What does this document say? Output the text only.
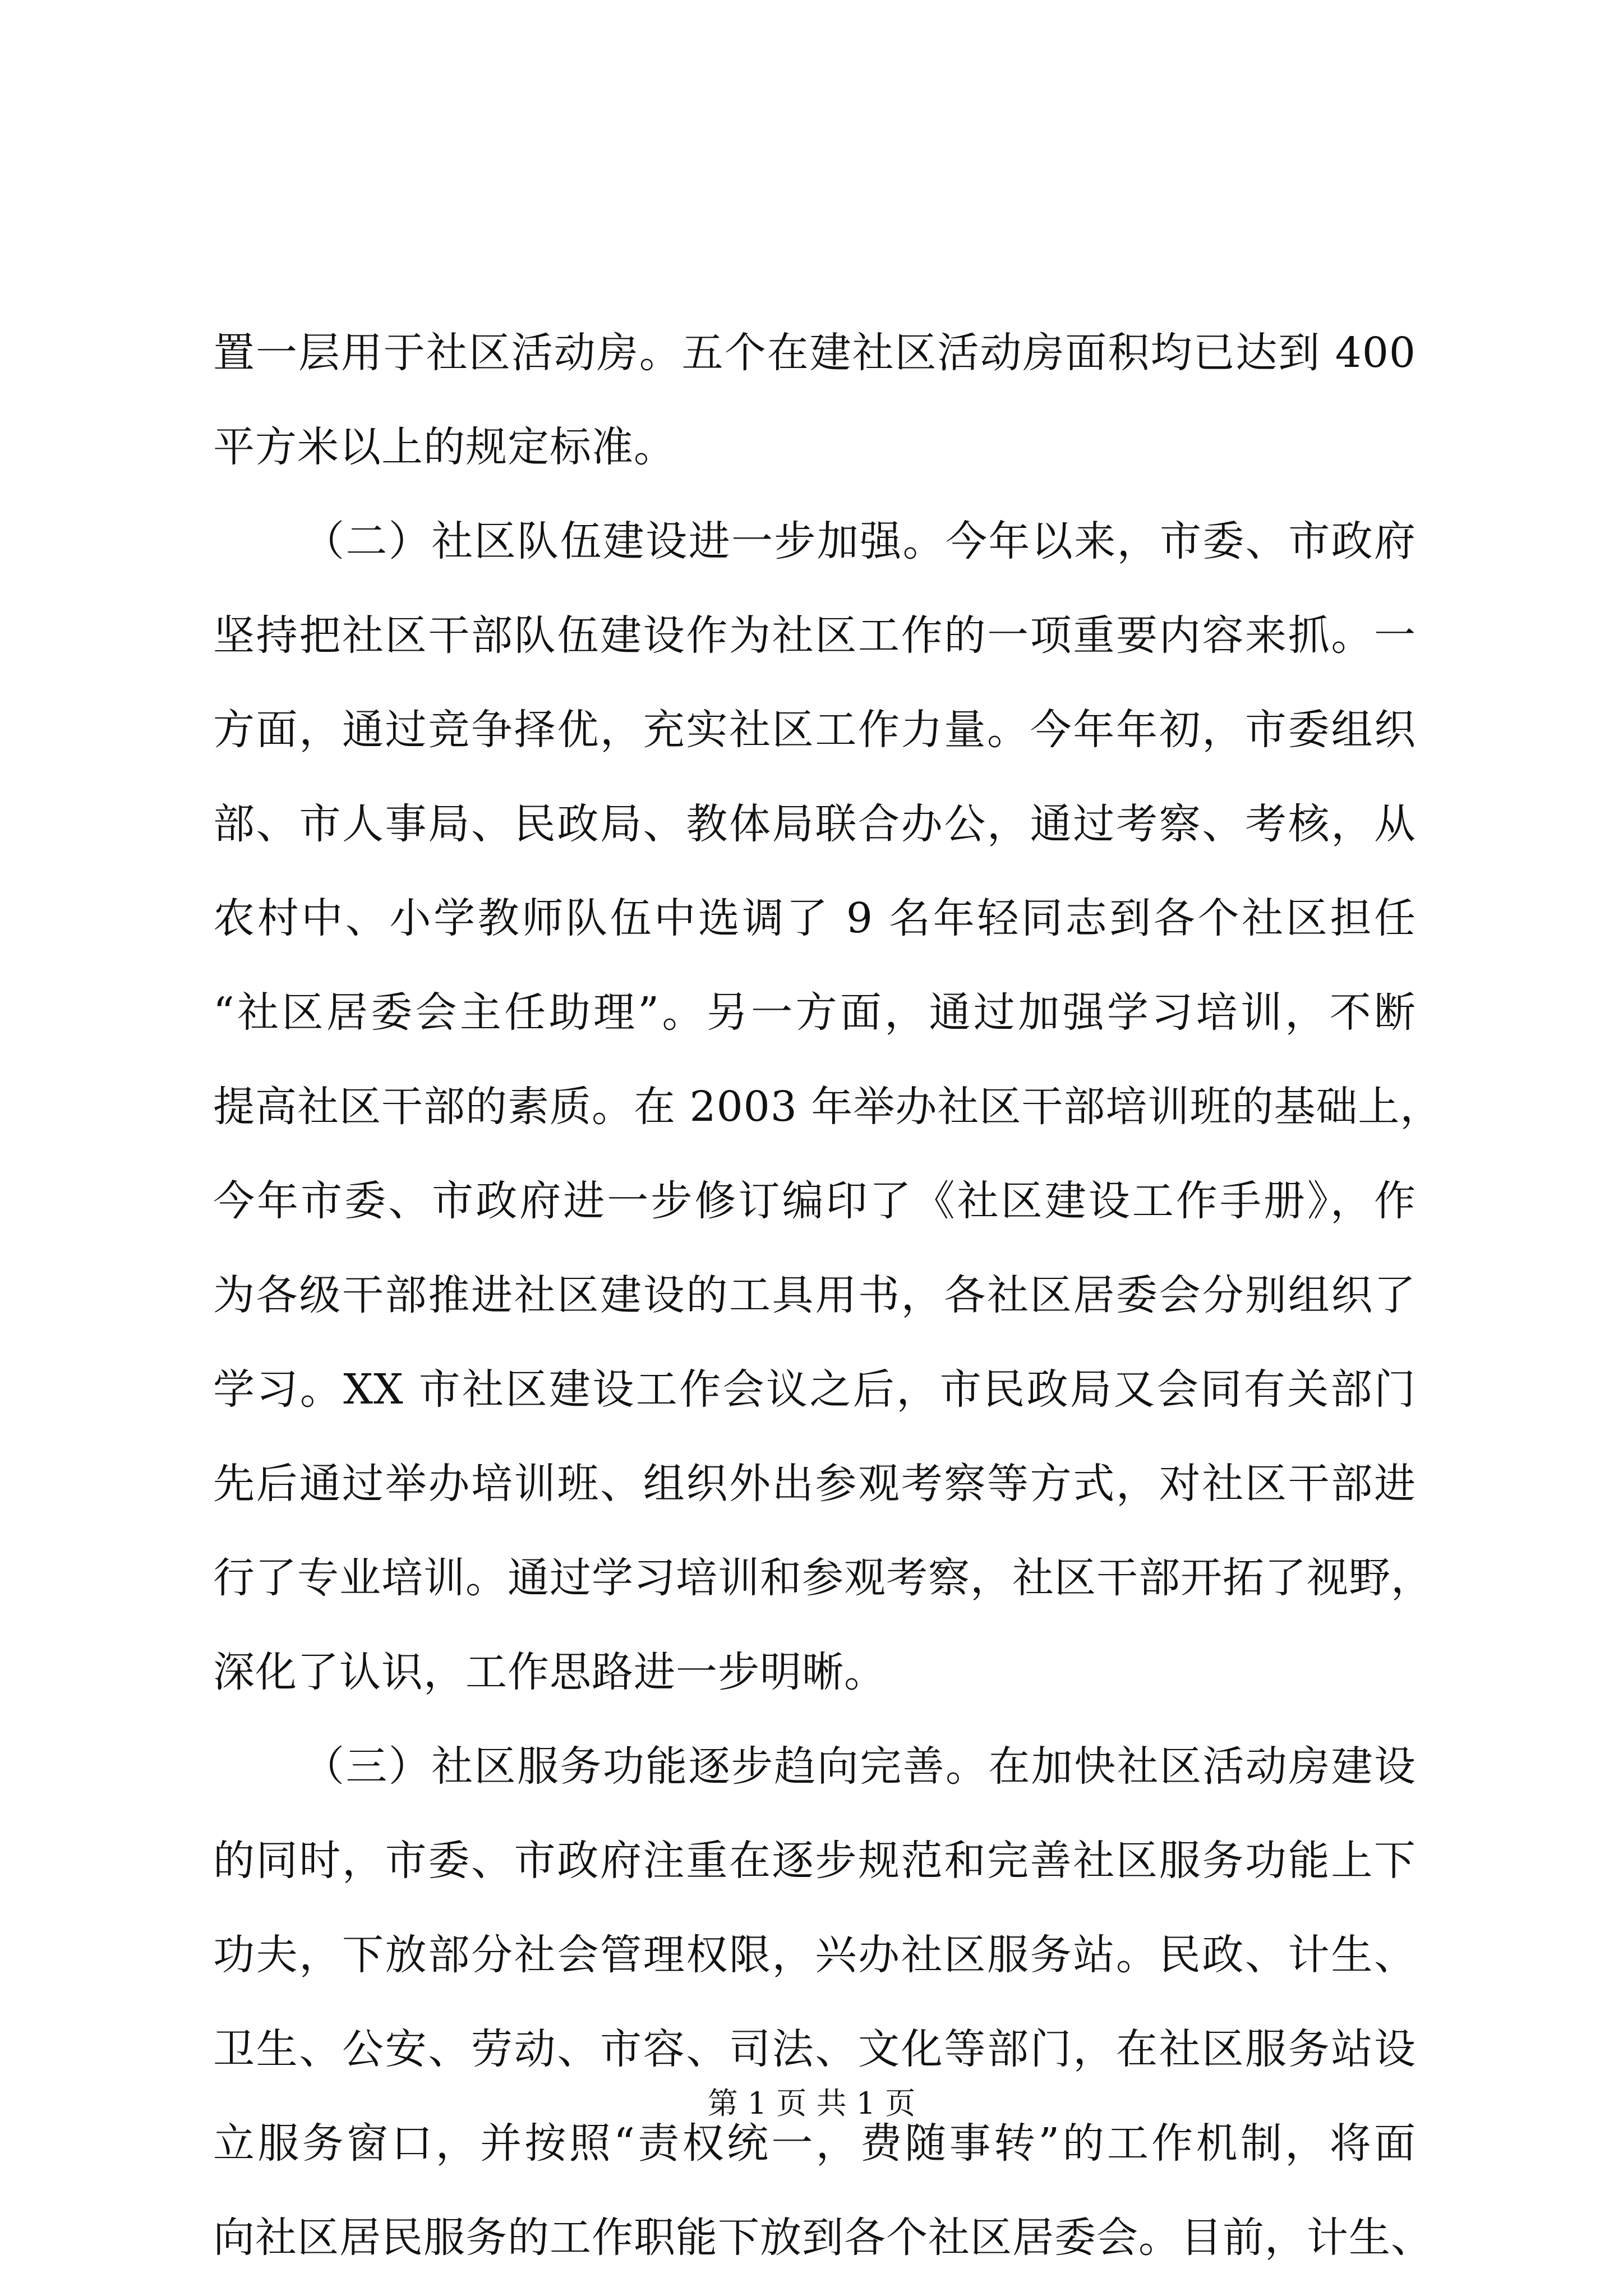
置一层用于社区活动房。五个在建社区活动房面积均已达到 400
平方米以上的规定标准。
（二）社区队伍建设进一步加强。今年以来，市委、市政府
坚持把社区干部队伍建设作为社区工作的一项重要内容来抓。一
方面，通过竞争择优，充实社区工作力量。今年年初，市委组织
部、市人事局、民政局、教体局联合办公，通过考察、考核，从
农村中、小学教师队伍中选调了 9 名年轻同志到各个社区担任
“社区居委会主任助理”。另一方面，通过加强学习培训，不断
提高社区干部的素质。在 2003 年举办社区干部培训班的基础上，
今年市委、市政府进一步修订编印了《社区建设工作手册》，作
为各级干部推进社区建设的工具用书，各社区居委会分别组织了
学习。XX 市社区建设工作会议之后，市民政局又会同有关部门
先后通过举办培训班、组织外出参观考察等方式，对社区干部进
行了专业培训。通过学习培训和参观考察，社区干部开拓了视野，
深化了认识，工作思路进一步明晰。
（三）社区服务功能逐步趋向完善。在加快社区活动房建设
的同时，市委、市政府注重在逐步规范和完善社区服务功能上下
功夫，下放部分社会管理权限，兴办社区服务站。民政、计生、
卫生、公安、劳动、市容、司法、文化等部门，在社区服务站设
立服务窗口，并按照“责权统一，费随事转”的工作机制，将面
向社区居民服务的工作职能下放到各个社区居委会。目前，计生、
第 1 页 共 1 页
